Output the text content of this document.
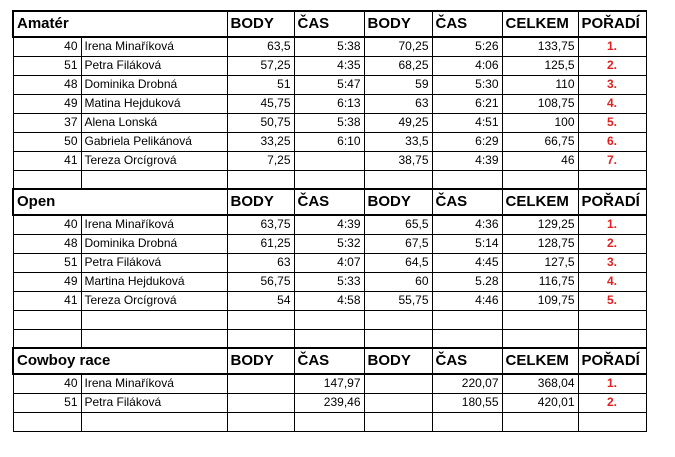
Amatér		BODY	ČAS	BODY	ČAS	CELKEM	POŘADÍ
40	Irena Minaříková	63,5	5:38	70,25	5:26	133,75	1.
51	Petra Filáková	57,25	4:35	68,25	4:06	125,5	2.
48	Dominika Drobná	51	5:47	59	5:30	110	3.
49	Matina Hejduková	45,75	6:13	63	6:21	108,75	4.
37	Alena Lonská	50,75	5:38	49,25	4:51	100	5.
50	Gabriela Pelikánová	33,25	6:10	33,5	6:29	66,75	6.
41	Tereza Orcígrová	7,25		38,75	4:39	46	7.

Open		BODY	ČAS	BODY	ČAS	CELKEM	POŘADÍ
40	Irena Minaříková	63,75	4:39	65,5	4:36	129,25	1.
48	Dominika Drobná	61,25	5:32	67,5	5:14	128,75	2.
51	Petra Filáková	63	4:07	64,5	4:45	127,5	3.
49	Martina Hejduková	56,75	5:33	60	5.28	116,75	4.
41	Tereza Orcígrová	54	4:58	55,75	4:46	109,75	5.

Cowboy race		BODY	ČAS	BODY	ČAS	CELKEM	POŘADÍ
40	Irena Minaříková		147,97		220,07	368,04	1.
51	Petra Filáková		239,46		180,55	420,01	2.
